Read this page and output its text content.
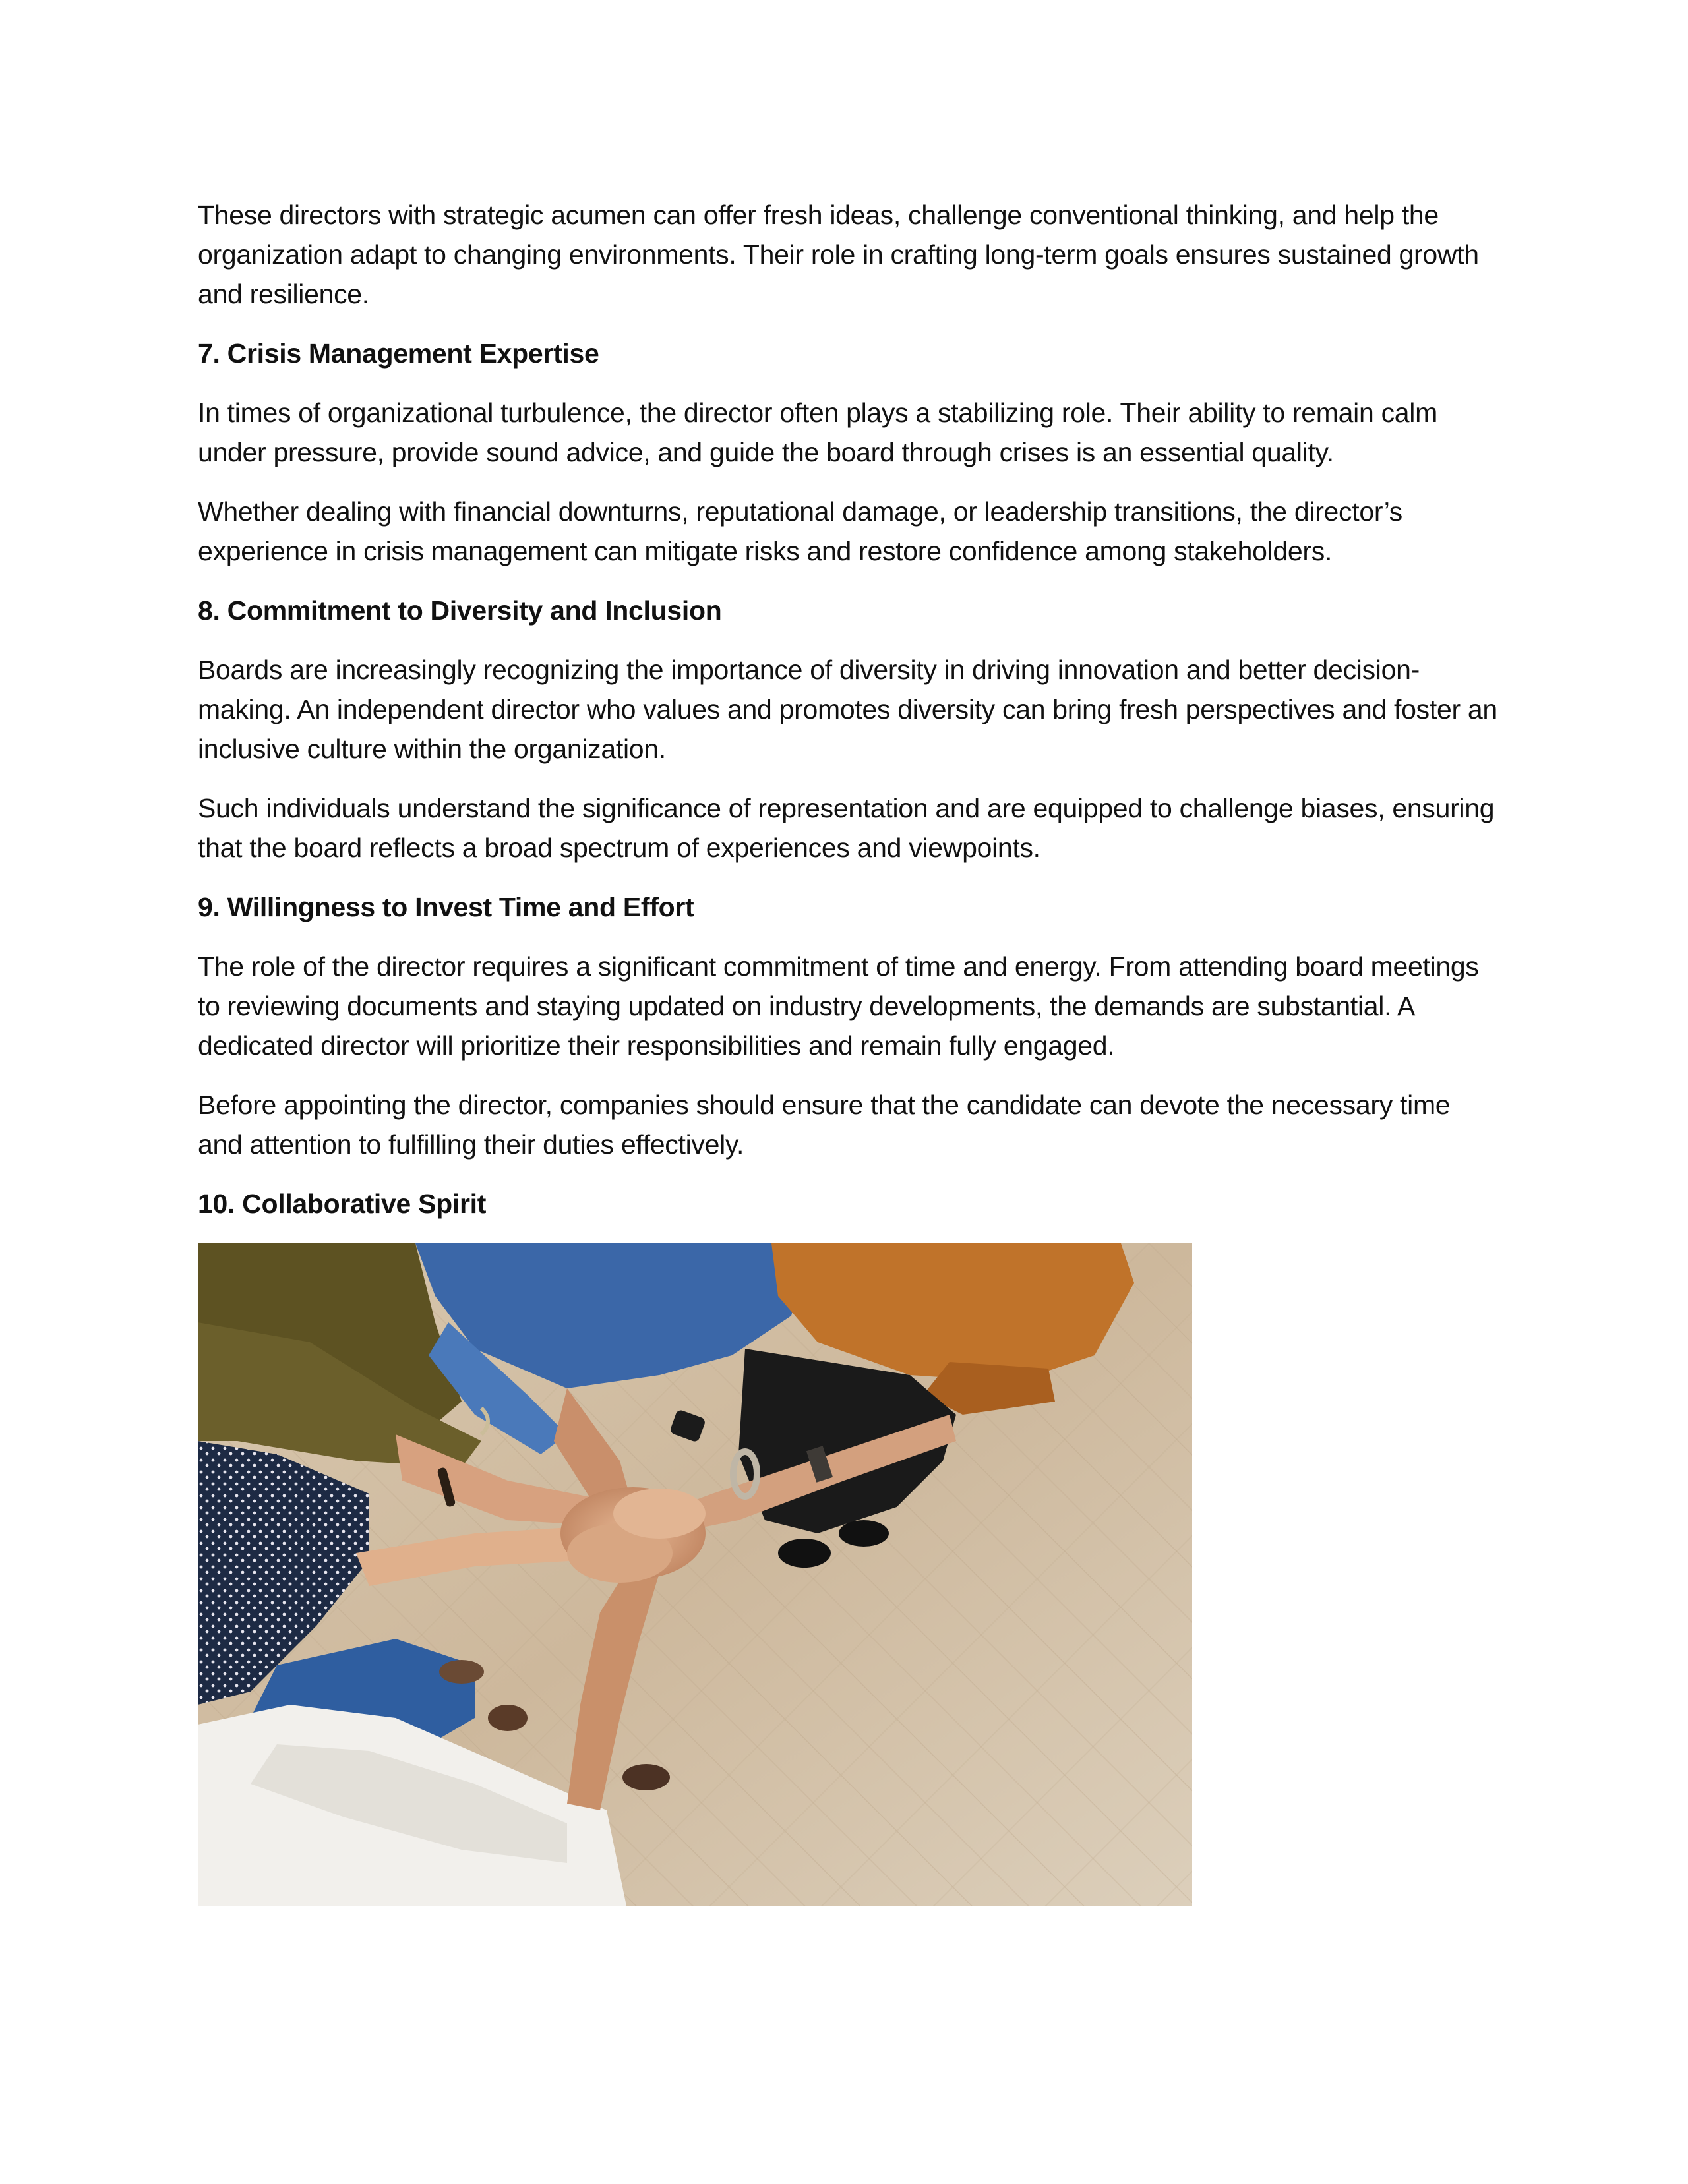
These directors with strategic acumen can offer fresh ideas, challenge conventional thinking, and help the organization adapt to changing environments. Their role in crafting long-term goals ensures sustained growth and resilience.

7. Crisis Management Expertise

In times of organizational turbulence, the director often plays a stabilizing role. Their ability to remain calm under pressure, provide sound advice, and guide the board through crises is an essential quality.

Whether dealing with financial downturns, reputational damage, or leadership transitions, the director’s experience in crisis management can mitigate risks and restore confidence among stakeholders.

8. Commitment to Diversity and Inclusion

Boards are increasingly recognizing the importance of diversity in driving innovation and better decision-making. An independent director who values and promotes diversity can bring fresh perspectives and foster an inclusive culture within the organization.

Such individuals understand the significance of representation and are equipped to challenge biases, ensuring that the board reflects a broad spectrum of experiences and viewpoints.

9. Willingness to Invest Time and Effort

The role of the director requires a significant commitment of time and energy. From attending board meetings to reviewing documents and staying updated on industry developments, the demands are substantial. A dedicated director will prioritize their responsibilities and remain fully engaged.

Before appointing the director, companies should ensure that the candidate can devote the necessary time and attention to fulfilling their duties effectively.

10. Collaborative Spirit
